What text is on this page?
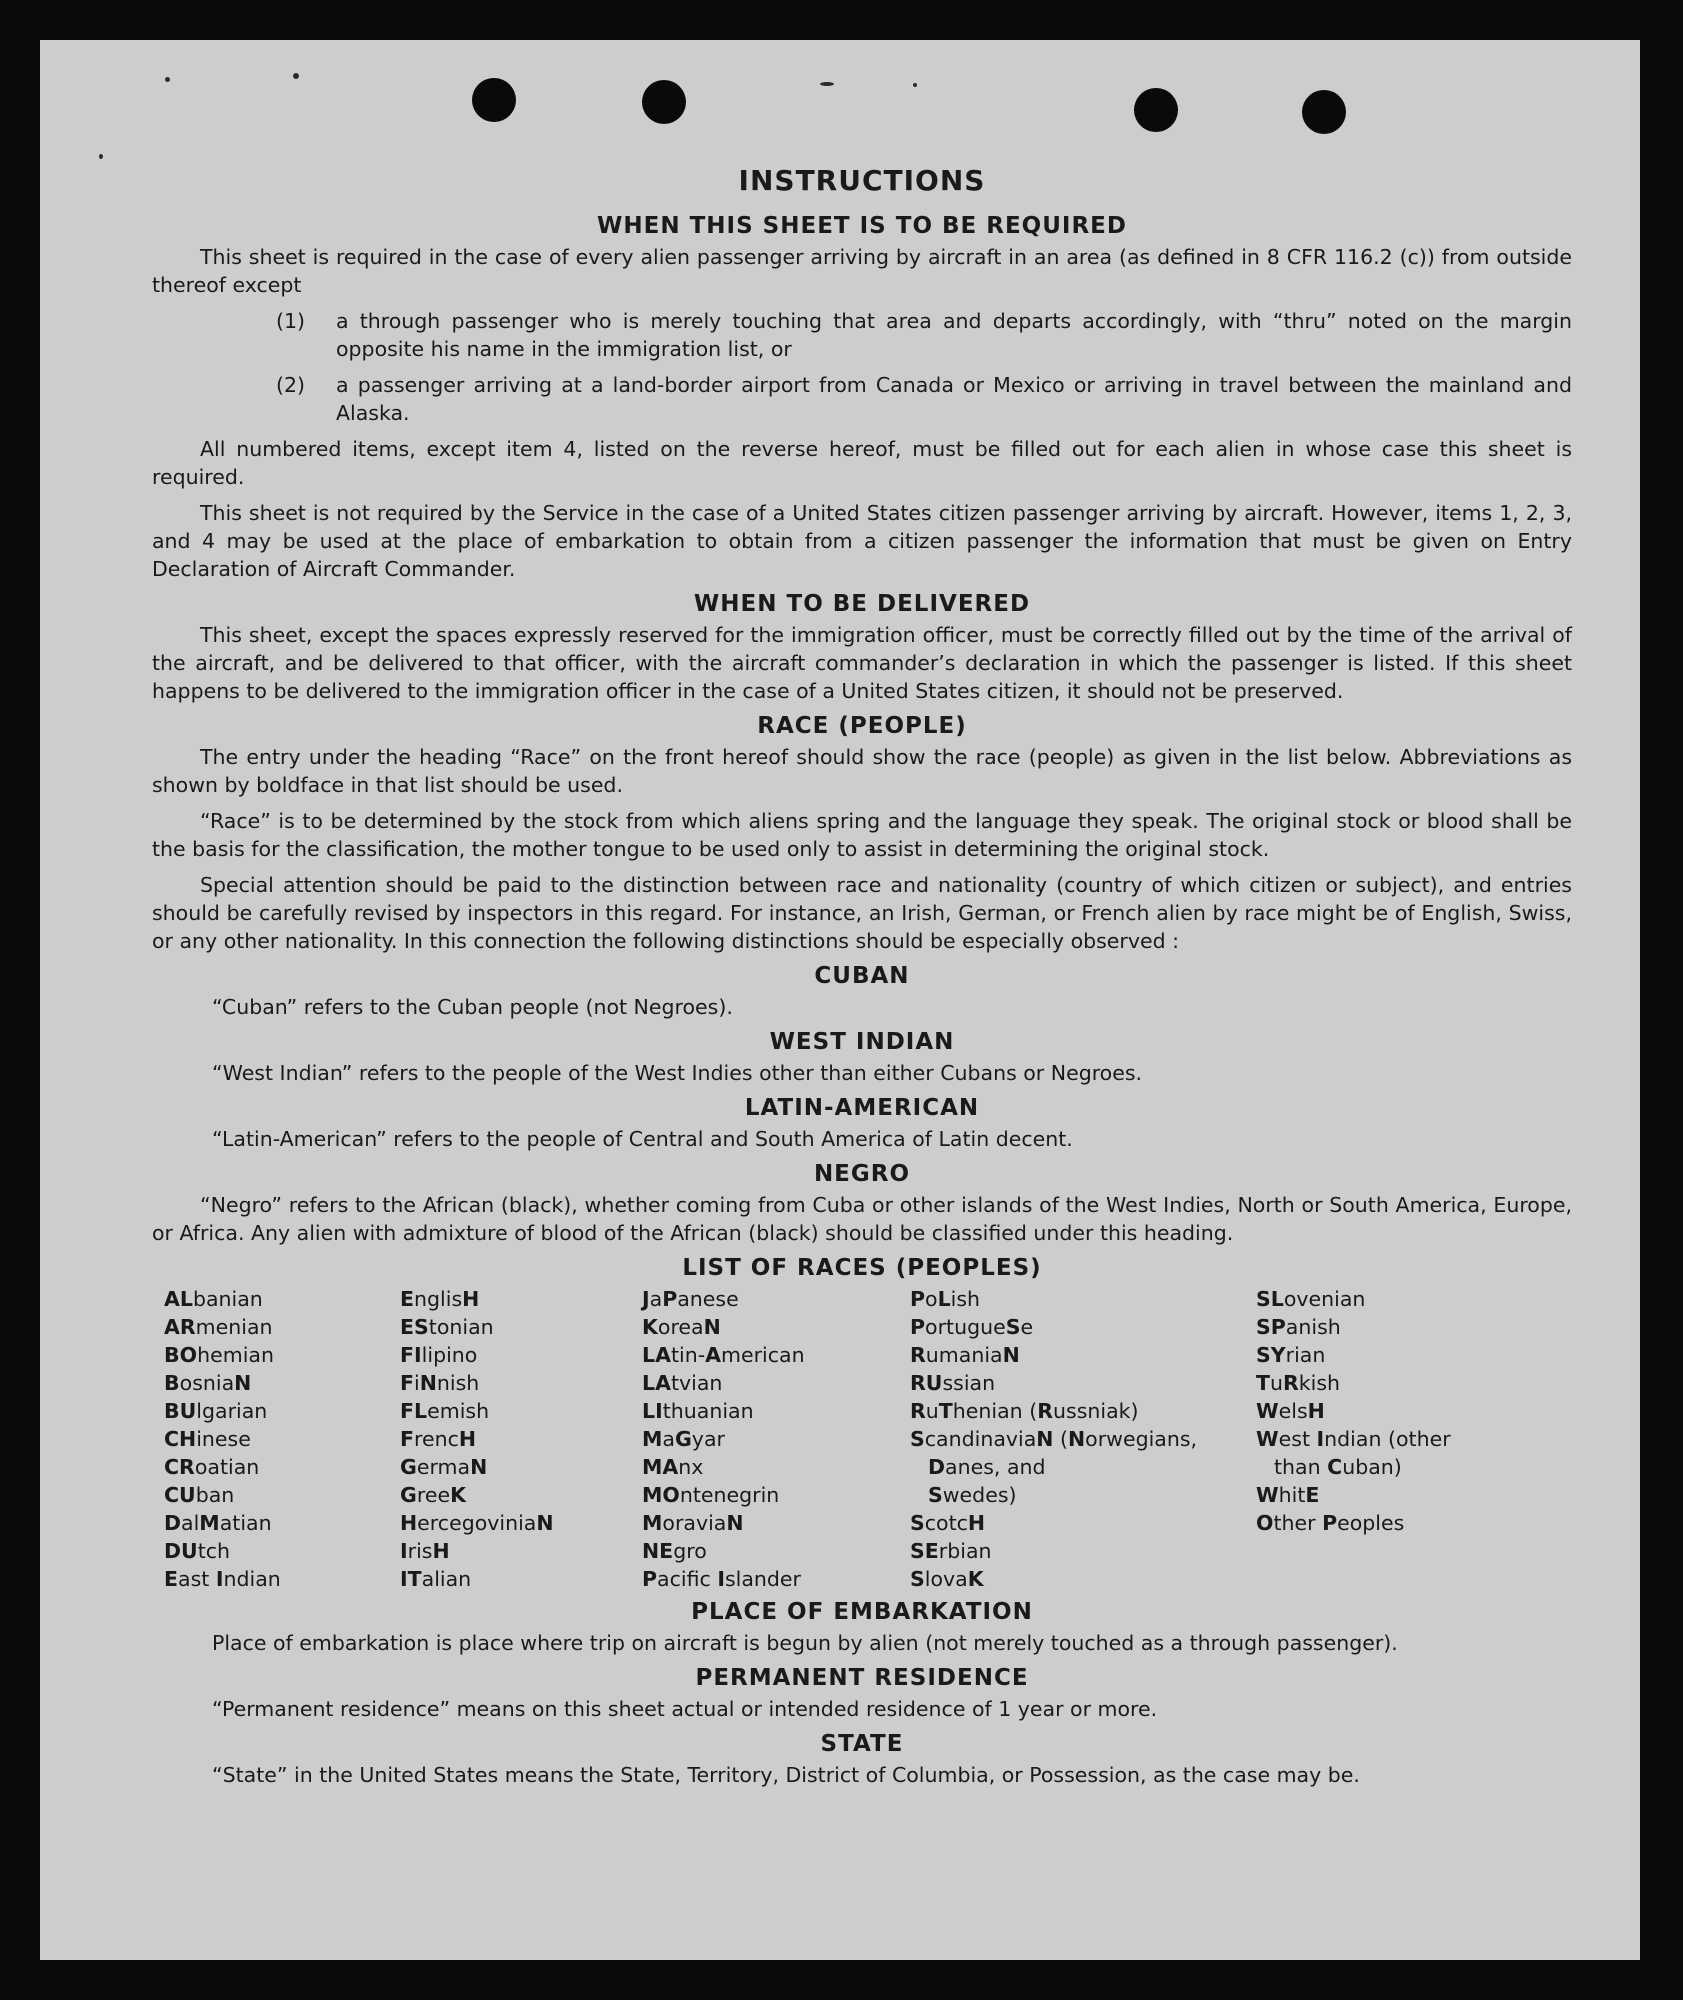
INSTRUCTIONS
WHEN THIS SHEET IS TO BE REQUIRED

This sheet is required in the case of every alien passenger arriving by aircraft in an area (as defined in 8 CFR 116.2 (c)) from outside thereof except

(1)	a through passenger who is merely touching that area and departs accordingly, with “thru” noted on the margin opposite his name in the immigration list, or
(2)	a passenger arriving at a land-border airport from Canada or Mexico or arriving in travel between the mainland and Alaska.

All numbered items, except item 4, listed on the reverse hereof, must be filled out for each alien in whose case this sheet is required.

This sheet is not required by the Service in the case of a United States citizen passenger arriving by aircraft. However, items 1, 2, 3, and 4 may be used at the place of embarkation to obtain from a citizen passenger the information that must be given on Entry Declaration of Aircraft Commander.

WHEN TO BE DELIVERED

This sheet, except the spaces expressly reserved for the immigration officer, must be correctly filled out by the time of the arrival of the aircraft, and be delivered to that officer, with the aircraft commander’s declaration in which the passenger is listed. If this sheet happens to be delivered to the immigration officer in the case of a United States citizen, it should not be preserved.

RACE (PEOPLE)

The entry under the heading “Race” on the front hereof should show the race (people) as given in the list below. Abbreviations as shown by boldface in that list should be used.

“Race” is to be determined by the stock from which aliens spring and the language they speak. The original stock or blood shall be the basis for the classification, the mother tongue to be used only to assist in determining the original stock.

Special attention should be paid to the distinction between race and nationality (country of which citizen or subject), and entries should be carefully revised by inspectors in this regard. For instance, an Irish, German, or French alien by race might be of English, Swiss, or any other nationality. In this connection the following distinctions should be especially observed :

CUBAN

“Cuban” refers to the Cuban people (not Negroes).

WEST INDIAN

“West Indian” refers to the people of the West Indies other than either Cubans or Negroes.

LATIN-AMERICAN

“Latin-American” refers to the people of Central and South America of Latin decent.

NEGRO

“Negro” refers to the African (black), whether coming from Cuba or other islands of the West Indies, North or South America, Europe, or Africa. Any alien with admixture of blood of the African (black) should be classified under this heading.

LIST OF RACES (PEOPLES)
ALbanian
ARmenian
BOhemian
BosniaN
BUlgarian
CHinese
CRoatian
CUban
DalMatian
DUtch
East Indian
EnglisH
EStonian
FIlipino
FiNnish
FLemish
FrencH
GermaN
GreeK
HercegoviniaN
IrisH
ITalian
JaPanese
KoreaN
LAtin-American
LAtvian
LIthuanian
MaGyar
MAnx
MOntenegrin
MoraviaN
NEgro
Pacifc Islander
PoLish
PortugueSe
RumaniaN
RUssian
RuThenian (Russniak)
ScandinaviaN (Norwegians,
Danes, and
Swedes)
ScotcH
SErbian
SlovaK
SLovenian
SPanish
SYrian
TuRkish
WelsH
West Indian (other
than Cuban)
WhitE
Other Peoples
PLACE OF EMBARKATION

Place of embarkation is place where trip on aircraft is begun by alien (not merely touched as a through passenger).

PERMANENT RESIDENCE

“Permanent residence” means on this sheet actual or intended residence of 1 year or more.

STATE

“State” in the United States means the State, Territory, District of Columbia, or Possession, as the case may be.
